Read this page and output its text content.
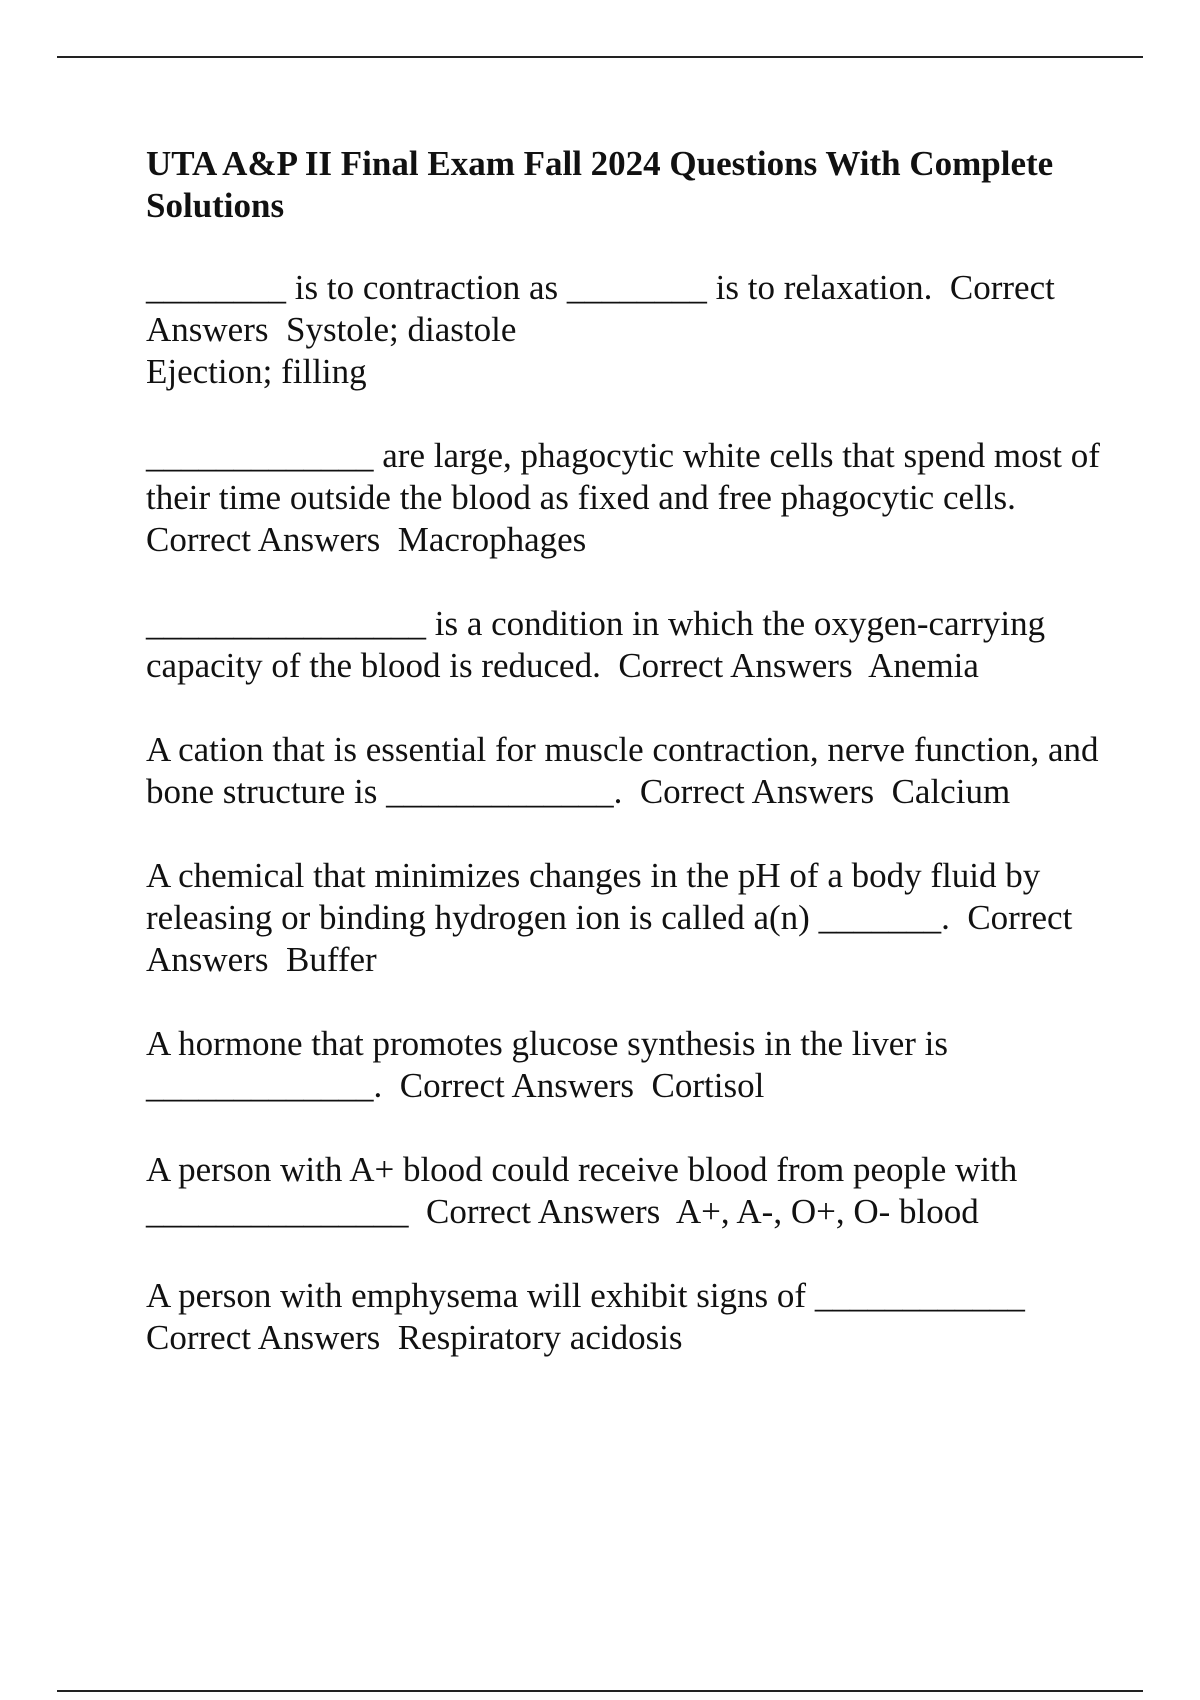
UTA A&P II Final Exam Fall 2024 Questions With Complete Solutions
________ is to contraction as ________ is to relaxation.  Correct Answers  Systole; diastole
Ejection; filling
_____________ are large, phagocytic white cells that spend most of their time outside the blood as fixed and free phagocytic cells.  Correct Answers  Macrophages
________________ is a condition in which the oxygen-carrying capacity of the blood is reduced.  Correct Answers  Anemia
A cation that is essential for muscle contraction, nerve function, and bone structure is _____________.  Correct Answers  Calcium
A chemical that minimizes changes in the pH of a body fluid by releasing or binding hydrogen ion is called a(n) _______.  Correct Answers  Buffer
A hormone that promotes glucose synthesis in the liver is _____________.  Correct Answers  Cortisol
A person with A+ blood could receive blood from people with _______________  Correct Answers  A+, A-, O+, O- blood
A person with emphysema will exhibit signs of ____________ Correct Answers  Respiratory acidosis
